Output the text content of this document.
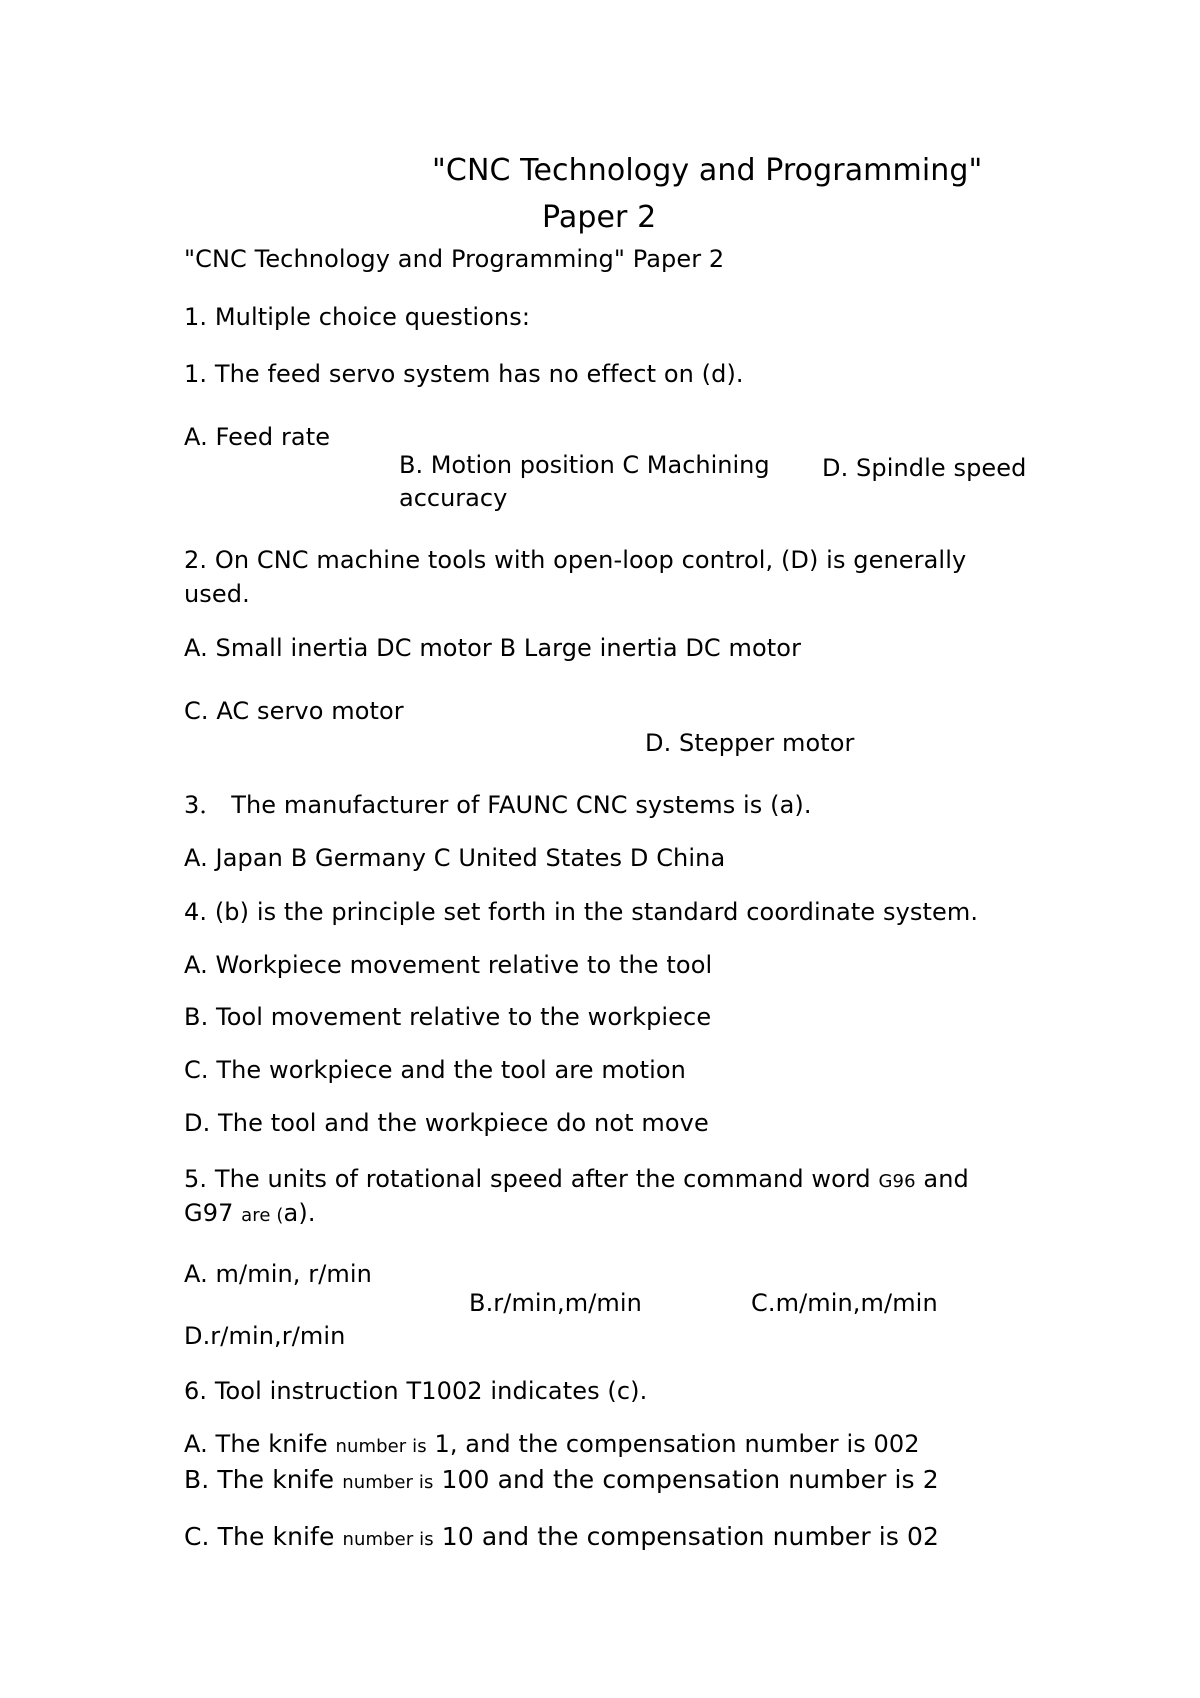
"CNC Technology and Programming"
Paper 2
"CNC Technology and Programming" Paper 2
1. Multiple choice questions:
1. The feed servo system has no effect on (d).
A. Feed rate
B. Motion position C Machining accuracy
D. Spindle speed
2. On CNC machine tools with open-loop control, (D) is generally
used.
A. Small inertia DC motor B Large inertia DC motor
C. AC servo motor
D. Stepper motor
3． The manufacturer of FAUNC CNC systems is (a).
A. Japan B Germany C United States D China
4. (b) is the principle set forth in the standard coordinate system.
A. Workpiece movement relative to the tool
B. Tool movement relative to the workpiece
C. The workpiece and the tool are motion
D. The tool and the workpiece do not move
5. The units of rotational speed after the command word G96 and
G97 are (a).
A. m/min, r/min
B.r/min,m/min	C.m/min,m/min
D.r/min,r/min
6. Tool instruction T1002 indicates (c).
A. The knife number is 1, and the compensation number is 002
B. The knife number is 100 and the compensation number is 2
C. The knife number is 10 and the compensation number is 02
